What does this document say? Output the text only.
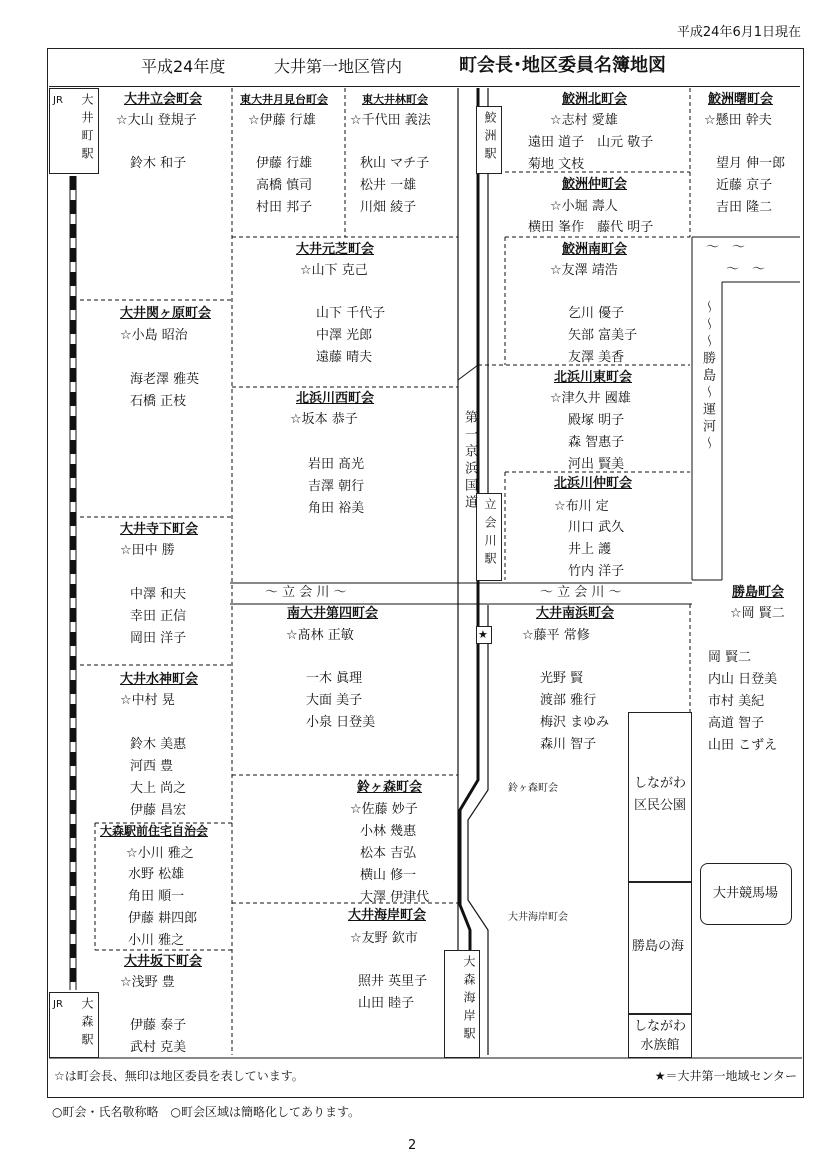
平成24年6月1日現在
平成24年度	大井第一地区管内	町会長･地区委員名簿地図
JR 大井町駅
JR 大森駅
鮫洲駅
立会川駅
大森海岸駅
★
第一京浜国道
～ 立 会 川 ～	～ 立 会 川 ～
～～～勝島～運河～
～　～
～　～
しながわ区民公園
勝島の海
しながわ水族館
大井競馬場
鈴ヶ森町会
大井海岸町会
大井立会町会
☆大山 登規子
鈴木 和子
東大井月見台町会
☆伊藤 行雄
伊藤 行雄
高橋 慎司
村田 邦子
東大井林町会
☆千代田 義法
秋山 マチ子
松井 一雄
川畑 綾子
鮫洲北町会
☆志村 愛雄
遠田 道子　山元 敬子
菊地 文枝
鮫洲曙町会
☆懸田 幹夫
望月 伸一郎
近藤 京子
吉田 隆二
鮫洲仲町会
☆小堀 壽人
横田 峯作　藤代 明子
大井元芝町会
☆山下 克己
山下 千代子
中澤 光郎
遠藤 晴夫
鮫洲南町会
☆友澤 靖浩
乞川 優子
矢部 富美子
友澤 美香
大井関ヶ原町会
☆小島 昭治
海老澤 雅英
石橋 正枝	北浜川西町会
☆坂本 恭子
岩田 髙光
吉澤 朝行
角田 裕美
北浜川東町会
☆津久井 國雄
殿塚 明子
森 智惠子
河出 賢美
北浜川仲町会
☆布川 定
川口 武久
井上 護
竹内 洋子
大井寺下町会
☆田中 勝
中澤 和夫
幸田 正信
岡田 洋子
南大井第四町会
☆髙林 正敏
一木 眞理
大面 美子
小泉 日登美
大井南浜町会
☆藤平 常修
光野 賢
渡部 雅行
梅沢 まゆみ
森川 智子
勝島町会
☆岡 賢二
岡 賢二
内山 日登美
市村 美紀
高道 智子
山田 こずえ
大井水神町会
☆中村 晃
鈴木 美惠
河西 豊
大上 尚之
伊藤 昌宏
鈴ヶ森町会
☆佐藤 妙子
小林 幾惠
松本 吉弘
横山 修一
大澤 伊津代
大森駅前住宅自治会
☆小川 雅之
水野 松雄
角田 順一
伊藤 耕四郎
小川 雅之
大井海岸町会
☆友野 欽市
照井 英里子
山田 睦子
大井坂下町会
☆浅野 豊
伊藤 泰子
武村 克美
☆は町会長、無印は地区委員を表しています。	★＝大井第一地域センター
○町会・氏名敬称略　○町会区域は簡略化してあります。
2
